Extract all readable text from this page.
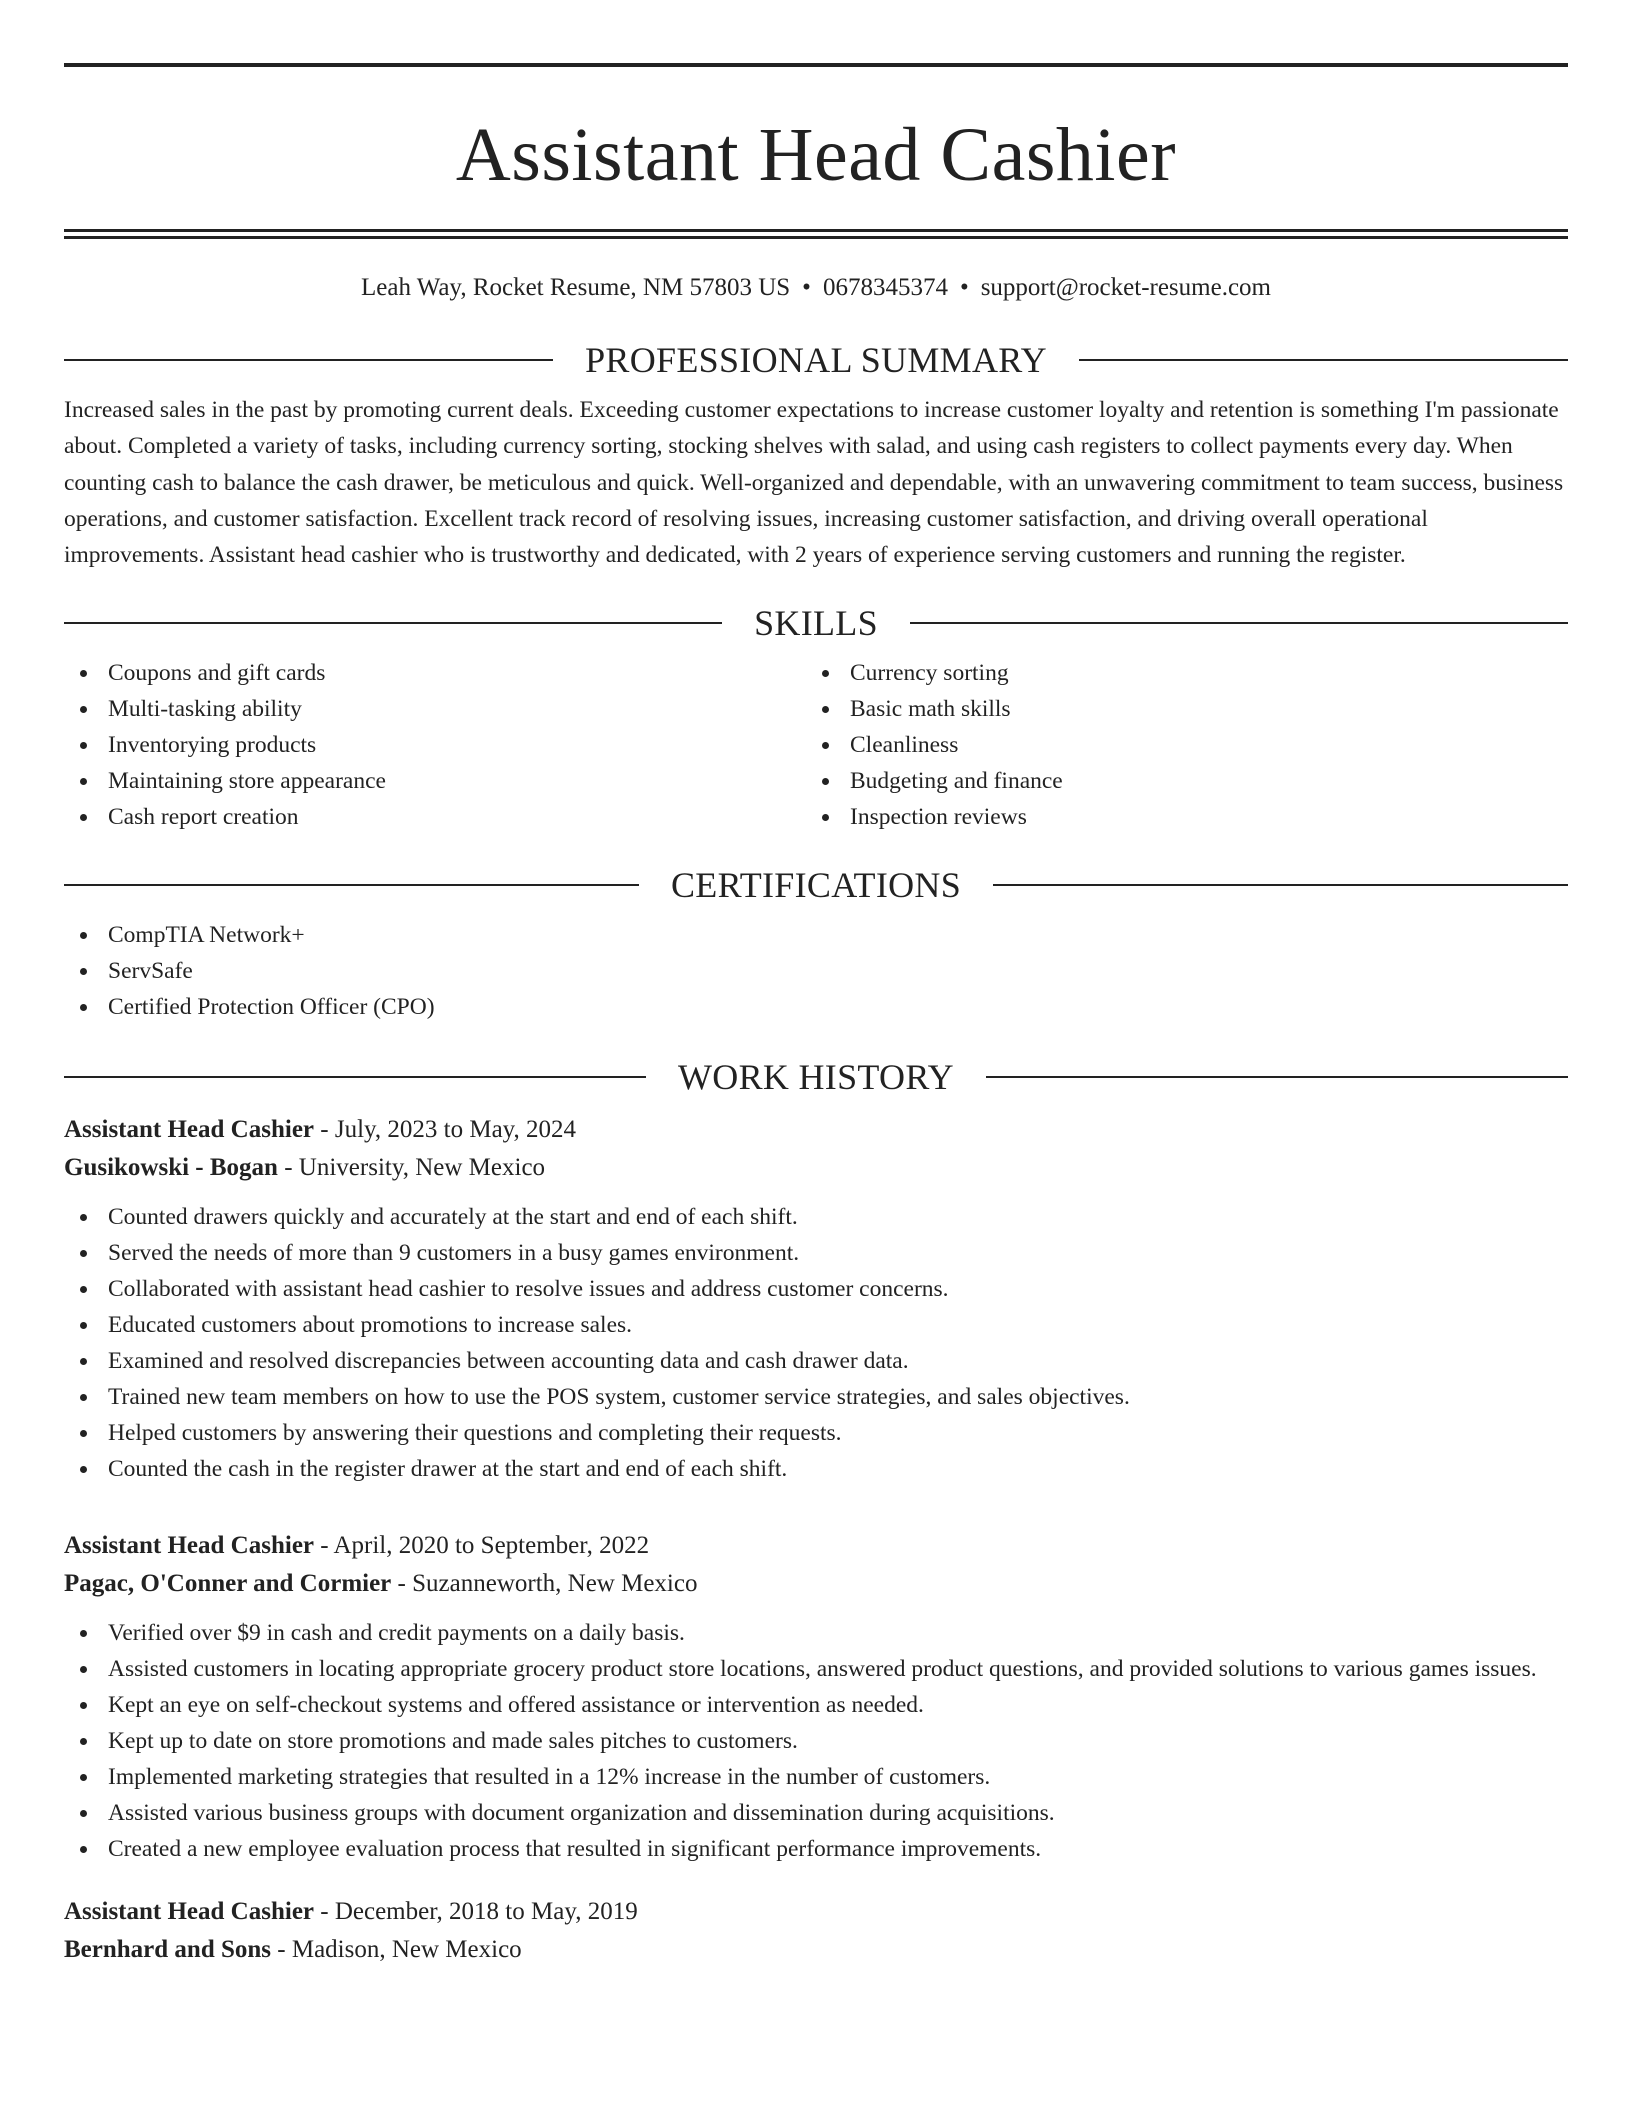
Assistant Head Cashier
Leah Way, Rocket Resume, NM 57803 US • 0678345374 • support@rocket-resume.com
PROFESSIONAL SUMMARY
Increased sales in the past by promoting current deals. Exceeding customer expectations to increase customer loyalty and retention is something I'm passionate about. Completed a variety of tasks, including currency sorting, stocking shelves with salad, and using cash registers to collect payments every day. When counting cash to balance the cash drawer, be meticulous and quick. Well-organized and dependable, with an unwavering commitment to team success, business operations, and customer satisfaction. Excellent track record of resolving issues, increasing customer satisfaction, and driving overall operational improvements. Assistant head cashier who is trustworthy and dedicated, with 2 years of experience serving customers and running the register.
SKILLS
Coupons and gift cards
Multi-tasking ability
Inventorying products
Maintaining store appearance
Cash report creation
Currency sorting
Basic math skills
Cleanliness
Budgeting and finance
Inspection reviews
CERTIFICATIONS
CompTIA Network+
ServSafe
Certified Protection Officer (CPO)
WORK HISTORY
Assistant Head Cashier - July, 2023 to May, 2024
Gusikowski - Bogan - University, New Mexico
Counted drawers quickly and accurately at the start and end of each shift.
Served the needs of more than 9 customers in a busy games environment.
Collaborated with assistant head cashier to resolve issues and address customer concerns.
Educated customers about promotions to increase sales.
Examined and resolved discrepancies between accounting data and cash drawer data.
Trained new team members on how to use the POS system, customer service strategies, and sales objectives.
Helped customers by answering their questions and completing their requests.
Counted the cash in the register drawer at the start and end of each shift.
Assistant Head Cashier - April, 2020 to September, 2022
Pagac, O'Conner and Cormier - Suzanneworth, New Mexico
Verified over $9 in cash and credit payments on a daily basis.
Assisted customers in locating appropriate grocery product store locations, answered product questions, and provided solutions to various games issues.
Kept an eye on self-checkout systems and offered assistance or intervention as needed.
Kept up to date on store promotions and made sales pitches to customers.
Implemented marketing strategies that resulted in a 12% increase in the number of customers.
Assisted various business groups with document organization and dissemination during acquisitions.
Created a new employee evaluation process that resulted in significant performance improvements.
Assistant Head Cashier - December, 2018 to May, 2019
Bernhard and Sons - Madison, New Mexico
